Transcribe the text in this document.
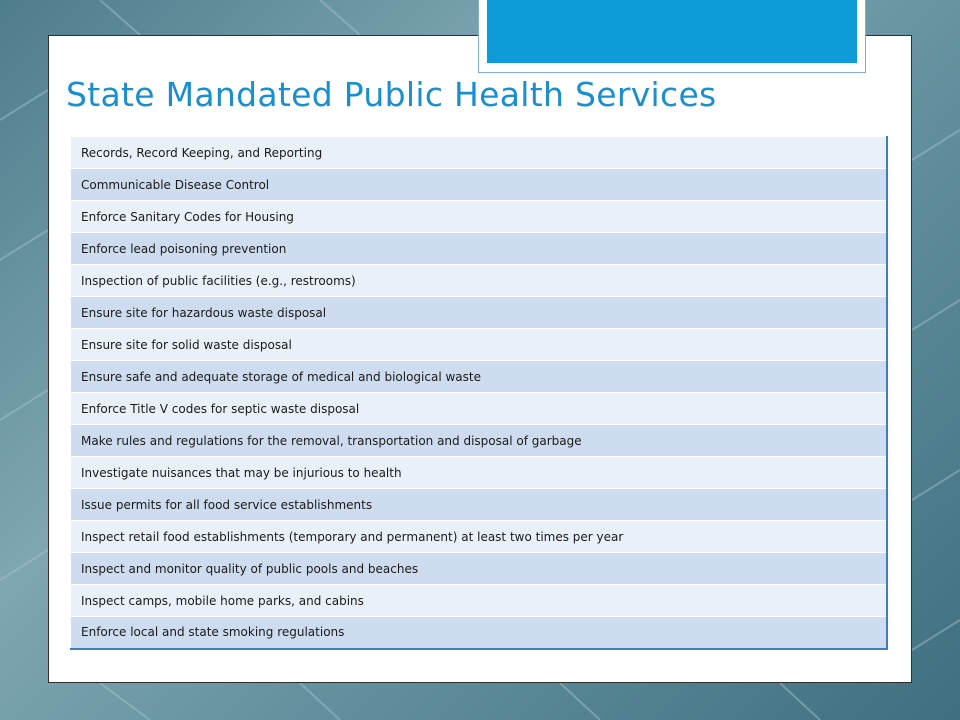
State Mandated Public Health Services
Records, Record Keeping, and Reporting
Communicable Disease Control
Enforce Sanitary Codes for Housing
Enforce lead poisoning prevention
Inspection of public facilities (e.g., restrooms)
Ensure site for hazardous waste disposal
Ensure site for solid waste disposal
Ensure safe and adequate storage of medical and biological waste
Enforce Title V codes for septic waste disposal
Make rules and regulations for the removal, transportation and disposal of garbage
Investigate nuisances that may be injurious to health
Issue permits for all food service establishments
Inspect retail food establishments (temporary and permanent) at least two times per year
Inspect and monitor quality of public pools and beaches
Inspect camps, mobile home parks, and cabins
Enforce local and state smoking regulations
